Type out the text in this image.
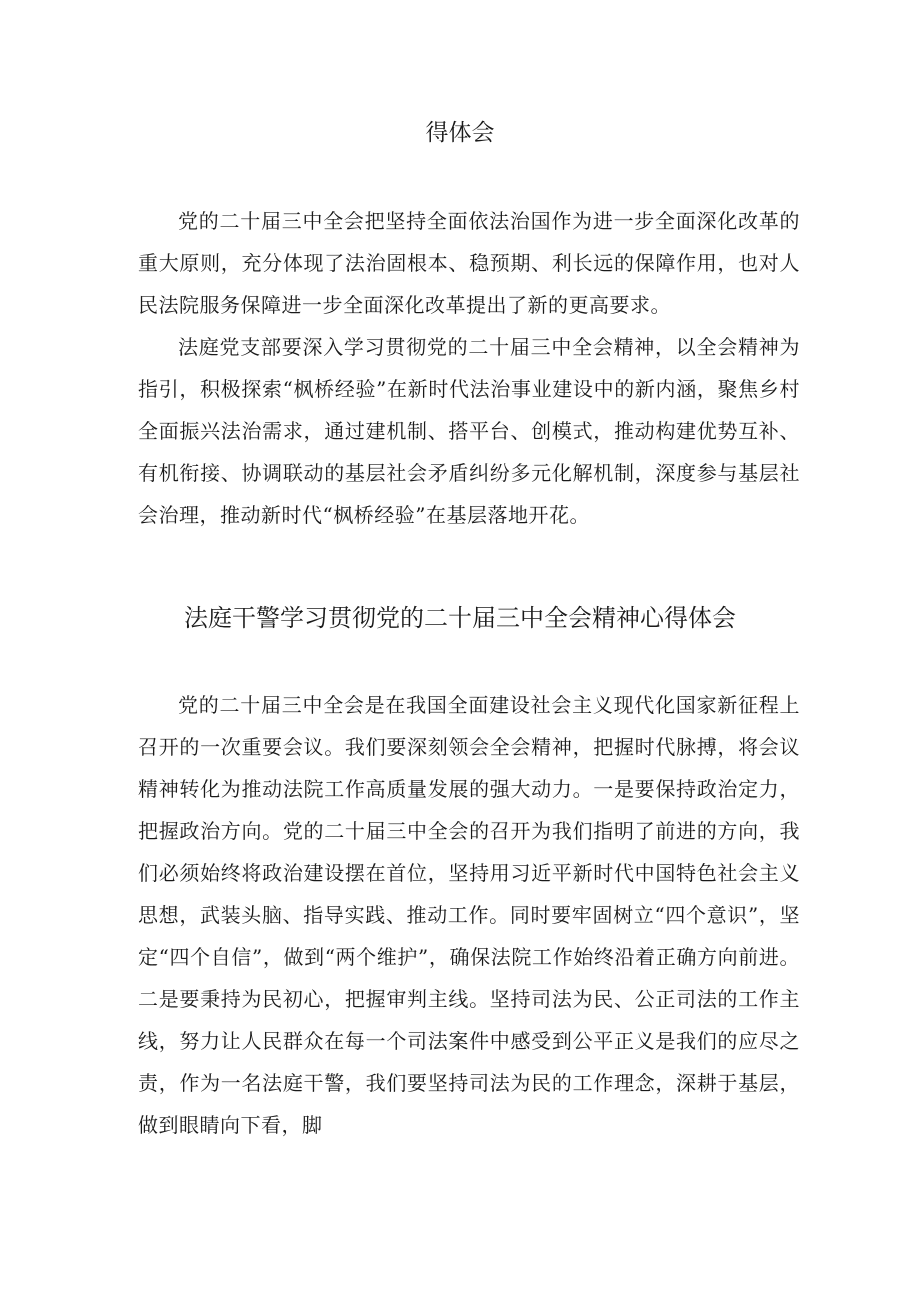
得体会

党的二十届三中全会把坚持全面依法治国作为进一步全面深化改革的重大原则，充分体现了法治固根本、稳预期、利长远的保障作用，也对人民法院服务保障进一步全面深化改革提出了新的更高要求。

法庭党支部要深入学习贯彻党的二十届三中全会精神，以全会精神为指引，积极探索“枫桥经验”在新时代法治事业建设中的新内涵，聚焦乡村全面振兴法治需求，通过建机制、搭平台、创模式，推动构建优势互补、有机衔接、协调联动的基层社会矛盾纠纷多元化解机制，深度参与基层社会治理，推动新时代“枫桥经验”在基层落地开花。

法庭干警学习贯彻党的二十届三中全会精神心得体会

党的二十届三中全会是在我国全面建设社会主义现代化国家新征程上召开的一次重要会议。我们要深刻领会全会精神，把握时代脉搏，将会议精神转化为推动法院工作高质量发展的强大动力。一是要保持政治定力，把握政治方向。党的二十届三中全会的召开为我们指明了前进的方向，我们必须始终将政治建设摆在首位，坚持用习近平新时代中国特色社会主义思想，武装头脑、指导实践、推动工作。同时要牢固树立“四个意识”，坚定“四个自信”，做到“两个维护”，确保法院工作始终沿着正确方向前进。二是要秉持为民初心，把握审判主线。坚持司法为民、公正司法的工作主线，努力让人民群众在每一个司法案件中感受到公平正义是我们的应尽之责，作为一名法庭干警，我们要坚持司法为民的工作理念，深耕于基层，做到眼睛向下看，脚
